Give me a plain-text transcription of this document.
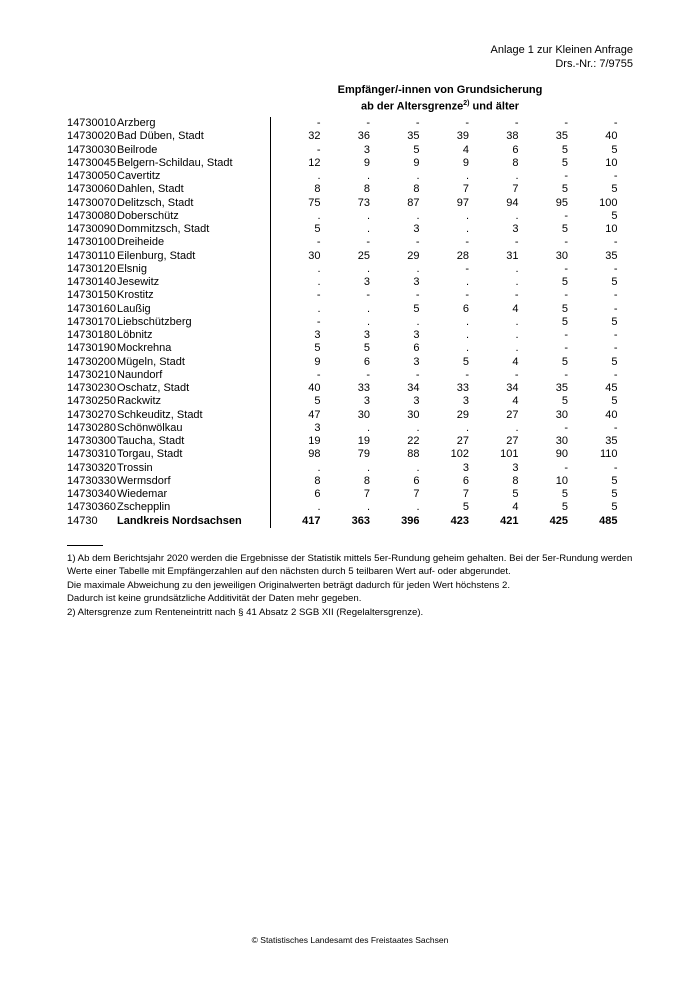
Anlage 1 zur Kleinen Anfrage
Drs.-Nr.: 7/9755
Empfänger/-innen von Grundsicherung
ab der Altersgrenze$^{2)}$ und älter
14730010	Arzberg		-	-	-	-	-	-	-
14730020	Bad Düben, Stadt		32	36	35	39	38	35	40
14730030	Beilrode		-	3	5	4	6	5	5
14730045	Belgern-Schildau, Stadt		12	9	9	9	8	5	10
14730050	Cavertitz		.	.	.	.	.	-	-
14730060	Dahlen, Stadt		8	8	8	7	7	5	5
14730070	Delitzsch, Stadt		75	73	87	97	94	95	100
14730080	Doberschütz		.	.	.	.	.	-	5
14730090	Dommitzsch, Stadt		5	.	3	.	3	5	10
14730100	Dreiheide		-	-	-	-	-	-	-
14730110	Eilenburg, Stadt		30	25	29	28	31	30	35
14730120	Elsnig		.	.	.	-	.	-	-
14730140	Jesewitz		.	3	3	.	.	5	5
14730150	Krostitz		-	-	-	-	-	-	-
14730160	Laußig		.	.	5	6	4	5	-
14730170	Liebschützberg		-	.	.	.	.	5	5
14730180	Löbnitz		3	3	3	.	.	-	-
14730190	Mockrehna		5	5	6	.	.	-	-
14730200	Mügeln, Stadt		9	6	3	5	4	5	5
14730210	Naundorf		-	-	-	-	-	-	-
14730230	Oschatz, Stadt		40	33	34	33	34	35	45
14730250	Rackwitz		5	3	3	3	4	5	5
14730270	Schkeuditz, Stadt		47	30	30	29	27	30	40
14730280	Schönwölkau		3	.	.	.	.	-	-
14730300	Taucha, Stadt		19	19	22	27	27	30	35
14730310	Torgau, Stadt		98	79	88	102	101	90	110
14730320	Trossin		.	.	.	3	3	-	-
14730330	Wermsdorf		8	8	6	6	8	10	5
14730340	Wiedemar		6	7	7	7	5	5	5
14730360	Zschepplin		.	.	.	5	4	5	5
14730	Landkreis Nordsachsen		417	363	396	423	421	425	485

1) Ab dem Berichtsjahr 2020 werden die Ergebnisse der Statistik mittels 5er-Rundung geheim gehalten. Bei der 5er-Rundung werden

Werte einer Tabelle mit Empfängerzahlen auf den nächsten durch 5 teilbaren Wert auf- oder abgerundet.

Die maximale Abweichung zu den jeweiligen Originalwerten beträgt dadurch für jeden Wert höchstens 2.

Dadurch ist keine grundsätzliche Additivität der Daten mehr gegeben.

2) Altersgrenze zum Renteneintritt nach § 41 Absatz 2 SGB XII (Regelaltersgrenze).

© Statistisches Landesamt des Freistaates Sachsen
